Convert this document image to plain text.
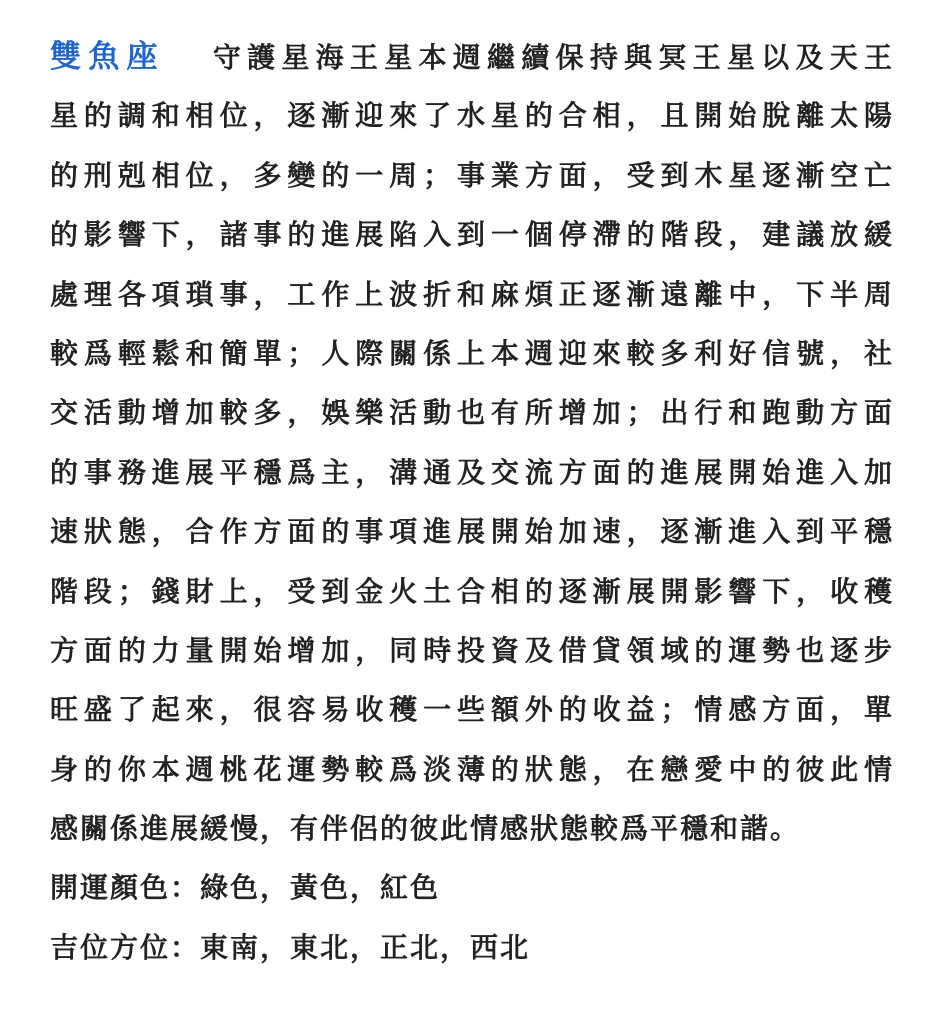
雙魚座 守護星海王星本週繼續保持與冥王星以及天王
星的調和相位，逐漸迎來了水星的合相，且開始脫離太陽
的刑剋相位，多變的一周；事業方面，受到木星逐漸空亡
的影響下，諸事的進展陷入到一個停滯的階段，建議放緩
處理各項瑣事，工作上波折和麻煩正逐漸遠離中，下半周
較爲輕鬆和簡單；人際關係上本週迎來較多利好信號，社
交活動增加較多，娛樂活動也有所增加；出行和跑動方面
的事務進展平穩爲主，溝通及交流方面的進展開始進入加
速狀態，合作方面的事項進展開始加速，逐漸進入到平穩
階段；錢財上，受到金火土合相的逐漸展開影響下，收穫
方面的力量開始增加，同時投資及借貸領域的運勢也逐步
旺盛了起來，很容易收穫一些額外的收益；情感方面，單
身的你本週桃花運勢較爲淡薄的狀態，在戀愛中的彼此情
感關係進展緩慢，有伴侶的彼此情感狀態較爲平穩和諧。
開運顏色：綠色，黃色，紅色
吉位方位：東南，東北，正北，西北
